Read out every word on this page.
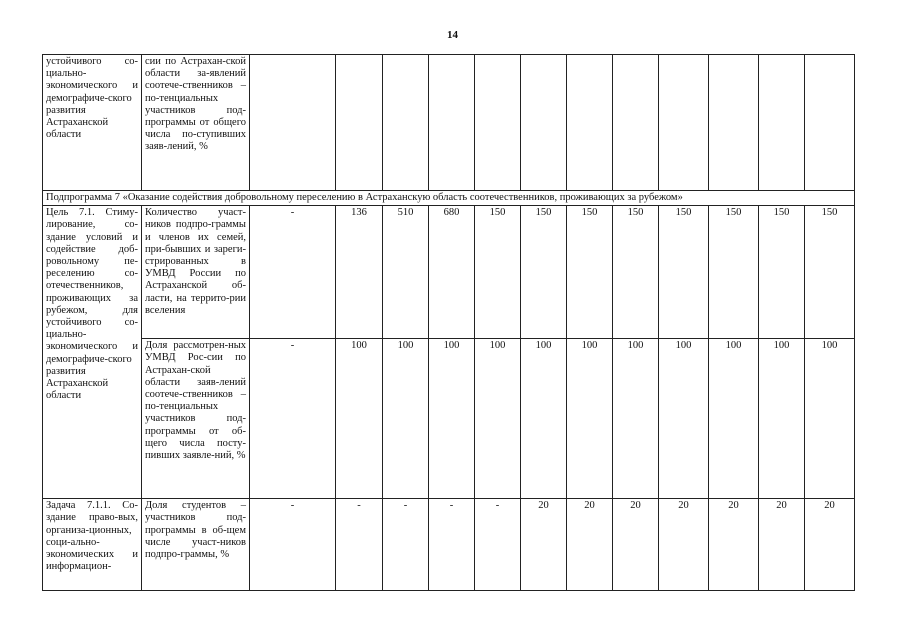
14
устойчивого со-циально-экономического и демографиче-ского развития Астраханской области	сии по Астрахан-ской области за-явлений соотече-ственников – по-тенциальных участников под-программы от общего числа по-ступивших заяв-лений, %												
Подпрограмма 7 «Оказание содействия добровольному переселению в Астраханскую область соотечественников, проживающих за рубежом»													
Цель 7.1. Стиму-лирование, со-здание условий и содействие доб-ровольному пе-реселению со-отечественников, проживающих за рубежом, для устойчивого со-циально-экономического и демографиче-ского развития Астраханской области	Количество участ-ников подпро-граммы и членов их семей, при-бывших и зареги-стрированных в УМВД России по Астраханской об-ласти, на террито-рии вселения	-	136	510	680	150	150	150	150	150	150	150	150
	Доля рассмотрен-ных УМВД Рос-сии по Астрахан-ской области заяв-лений соотече-ственников – по-тенциальных участников под-программы от об-щего числа посту-пивших заявле-ний, %	-	100	100	100	100	100	100	100	100	100	100	100
Задача 7.1.1. Со-здание право-вых, организа-ционных, соци-ально-экономических и информацион-	Доля студентов – участников под-программы в об-щем числе участ-ников подпро-граммы, %	-	-	-	-	-	20	20	20	20	20	20	20
